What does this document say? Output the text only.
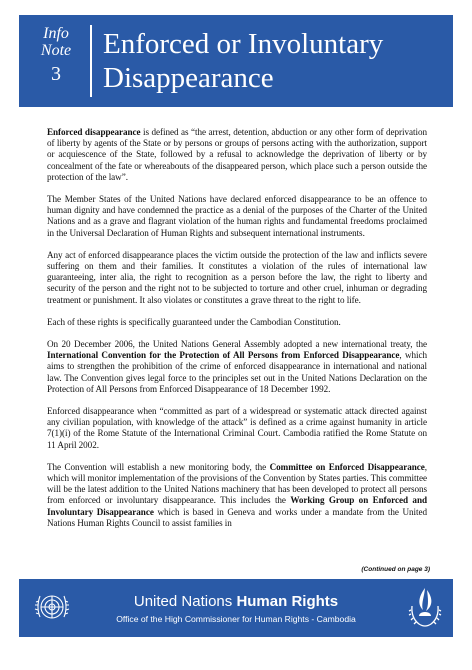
Info
Note
3
Enforced or Involuntary
Disappearance

Enforced disappearance is defined as “the arrest, detention, abduction or any other form of deprivation of liberty by agents of the State or by persons or groups of persons acting with the authorization, support or acquiescence of the State, followed by a refusal to acknowledge the deprivation of liberty or by concealment of the fate or whereabouts of the disappeared person, which place such a person outside the protection of the law”.

The Member States of the United Nations have declared enforced disappearance to be an offence to human dignity and have condemned the practice as a denial of the purposes of the Charter of the United Nations and as a grave and flagrant violation of the human rights and fundamental freedoms proclaimed in the Universal Declaration of Human Rights and subsequent international instruments.

Any act of enforced disappearance places the victim outside the protection of the law and inflicts severe suffering on them and their families. It constitutes a violation of the rules of international law guaranteeing, inter alia, the right to recognition as a person before the law, the right to liberty and security of the person and the right not to be subjected to torture and other cruel, inhuman or degrading treatment or punishment. It also violates or constitutes a grave threat to the right to life.

Each of these rights is specifically guaranteed under the Cambodian Constitution.

On 20 December 2006, the United Nations General Assembly adopted a new international treaty, the International Convention for the Protection of All Persons from Enforced Disappearance, which aims to strengthen the prohibition of the crime of enforced disappearance in international and national law. The Convention gives legal force to the principles set out in the United Nations Declaration on the Protection of All Persons from Enforced Disappearance of 18 December 1992.

Enforced disappearance when “committed as part of a widespread or systematic attack directed against any civilian population, with knowledge of the attack” is defined as a crime against humanity in article 7(1)(i) of the Rome Statute of the International Criminal Court. Cambodia ratified the Rome Statute on 11 April 2002.

The Convention will establish a new monitoring body, the Committee on Enforced Disappearance, which will monitor implementation of the provisions of the Convention by States parties. This committee will be the latest addition to the United Nations machinery that has been developed to protect all persons from enforced or involuntary disappearance. This includes the Working Group on Enforced and Involuntary Disappearance which is based in Geneva and works under a mandate from the United Nations Human Rights Council to assist families in

(Continued on page 3)
United Nations Human Rights
Office of the High Commissioner for Human Rights - Cambodia
